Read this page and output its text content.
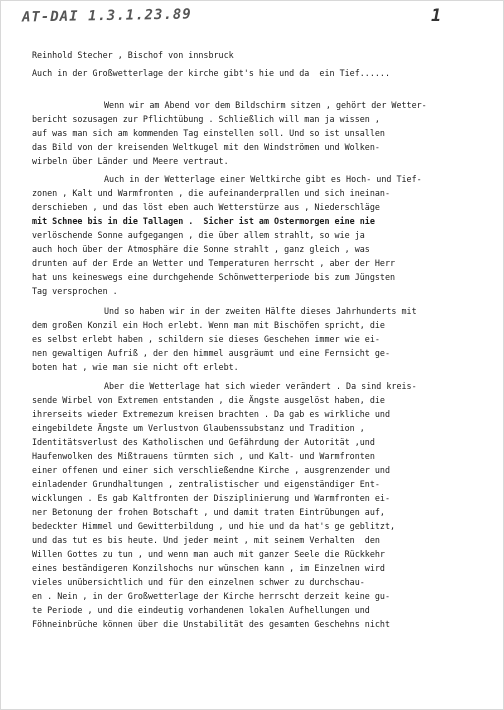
AT-DAI 1.3.1.23.89	1
Reinhold Stecher , Bischof von innsbruck
Auch in der Großwetterlage der kirche gibt's hie und da  ein Tief......
Wenn wir am Abend vor dem Bildschirm sitzen , gehört der Wetter-
bericht sozusagen zur Pflichtübung . Schließlich will man ja wissen ,
auf was man sich am kommenden Tag einstellen soll. Und so ist unsallen
das Bild von der kreisenden Weltkugel mit den Windströmen und Wolken-
wirbeln über Länder und Meere vertraut.
Auch in der Wetterlage einer Weltkirche gibt es Hoch- und Tief-
zonen , Kalt und Warmfronten , die aufeinanderprallen und sich ineinan-
derschieben , und das löst eben auch Wetterstürze aus , Niederschläge
mit Schnee bis in die Tallagen .  Sicher ist am Ostermorgen eine nie
verlöschende Sonne aufgegangen , die über allem strahlt, so wie ja
auch hoch über der Atmosphäre die Sonne strahlt , ganz gleich , was
drunten auf der Erde an Wetter und Temperaturen herrscht , aber der Herr
hat uns keineswegs eine durchgehende Schönwetterperiode bis zum Jüngsten
Tag versprochen .
Und so haben wir in der zweiten Hälfte dieses Jahrhunderts mit
dem großen Konzil ein Hoch erlebt. Wenn man mit Bischöfen spricht, die
es selbst erlebt haben , schildern sie dieses Geschehen immer wie ei-
nen gewaltigen Aufriß , der den himmel ausgräumt und eine Fernsicht ge-
boten hat , wie man sie nicht oft erlebt.
Aber die Wetterlage hat sich wieder verändert . Da sind kreis-
sende Wirbel von Extremen entstanden , die Ängste ausgelöst haben, die
ihrerseits wieder Extremezum kreisen brachten . Da gab es wirkliche und
eingebildete Ängste um Verlustvon Glaubenssubstanz und Tradition ,
Identitätsverlust des Katholischen und Gefährdung der Autorität ,und
Haufenwolken des Mißtrauens türmten sich , und Kalt- und Warmfronten
einer offenen und einer sich verschließendne Kirche , ausgrenzender und
einladender Grundhaltungen , zentralistischer und eigenständiger Ent-
wicklungen . Es gab Kaltfronten der Disziplinierung und Warmfronten ei-
ner Betonung der frohen Botschaft , und damit traten Eintrübungen auf,
bedeckter Himmel und Gewitterbildung , und hie und da hat's ge geblitzt,
und das tut es bis heute. Und jeder meint , mit seinem Verhalten  den
Willen Gottes zu tun , und wenn man auch mit ganzer Seele die Rückkehr
eines beständigeren Konzilshochs nur wünschen kann , im Einzelnen wird
vieles unübersichtlich und für den einzelnen schwer zu durchschau-
en . Nein , in der Großwetterlage der Kirche herrscht derzeit keine gu-
te Periode , und die eindeutig vorhandenen lokalen Aufhellungen und
Föhneinbrüche können über die Unstabilität des gesamten Geschehns nicht
